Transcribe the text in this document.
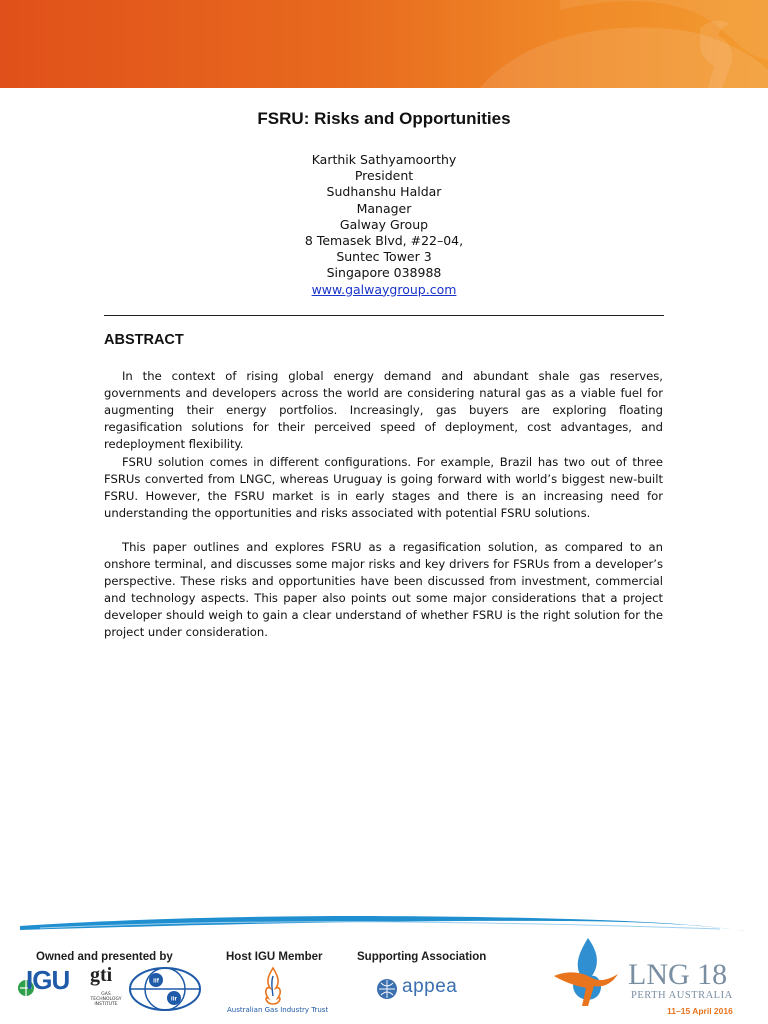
FSRU: Risks and Opportunities
Karthik Sathyamoorthy
President
Sudhanshu Haldar
Manager
Galway Group
8 Temasek Blvd, #22–04,
Suntec Tower 3
Singapore 038988
www.galwaygroup.com
ABSTRACT

In the context of rising global energy demand and abundant shale gas reserves, governments and developers across the world are considering natural gas as a viable fuel for augmenting their energy portfolios. Increasingly, gas buyers are exploring floating regasification solutions for their perceived speed of deployment, cost advantages, and redeployment flexibility.

FSRU solution comes in different configurations. For example, Brazil has two out of three FSRUs converted from LNGC, whereas Uruguay is going forward with world’s biggest new-built FSRU. However, the FSRU market is in early stages and there is an increasing need for understanding the opportunities and risks associated with potential FSRU solutions.

This paper outlines and explores FSRU as a regasification solution, as compared to an onshore terminal, and discusses some major risks and key drivers for FSRUs from a developer’s perspective. These risks and opportunities have been discussed from investment, commercial and technology aspects. This paper also points out some major considerations that a project developer should weigh to gain a clear understand of whether FSRU is the right solution for the project under consideration.

Owned and presented by	Host IGU Member	Supporting Association
IGU gti
GAS TECHNOLOGY INSTITUTE
iif
iir
Australian Gas Industry Trust
appea	LNG 18
PERTH AUSTRALIA
11–15 April 2016
